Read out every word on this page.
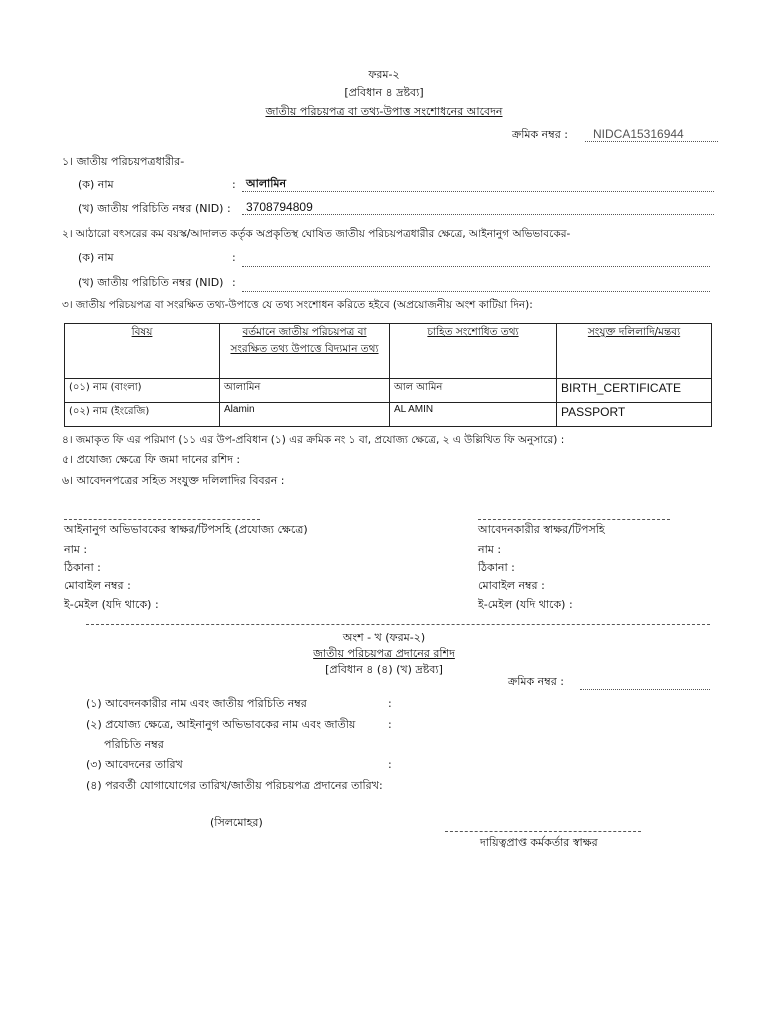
ফরম-২
[প্রবিধান ৪ দ্রষ্টব্য]
জাতীয় পরিচয়পত্র বা তথ্য-উপাত্ত সংশোধনের আবেদন
ক্রমিক নম্বর :	NIDCA15316944
১। জাতীয় পরিচয়পত্রধারীর-
(ক) নাম	: আলামিন
(খ) জাতীয় পরিচিতি নম্বর (NID) :	3708794809
২। আঠারো বৎসরের কম বয়স্ক/আদালত কর্তৃক অপ্রকৃতিস্থ ঘোষিত জাতীয় পরিচয়পত্রধারীর ক্ষেত্রে, আইনানুগ অভিভাবকের-
(ক) নাম	:
(খ) জাতীয় পরিচিতি নম্বর (NID) :
৩। জাতীয় পরিচয়পত্র বা সংরক্ষিত তথ্য-উপাত্তে যে তথ্য সংশোধন করিতে হইবে (অপ্রয়োজনীয় অংশ কাটিয়া দিন):
বিষয়	বর্তমানে জাতীয় পরিচয়পত্র বা সংরক্ষিত তথ্য উপাত্তে বিদ্যমান তথ্য	চাহিত সংশোধিত তথ্য	সংযুক্ত দলিলাদি/মন্তব্য
(০১) নাম (বাংলা)	আলামিন	আল আমিন	BIRTH_CERTIFICATE
(০২) নাম (ইংরেজি)	Alamin	AL AMIN	PASSPORT
৪। জমাকৃত ফি এর পরিমাণ (১১ এর উপ-প্রবিধান (১) এর ক্রমিক নং ১ বা, প্রযোজ্য ক্ষেত্রে, ২ এ উল্লিখিত ফি অনুসারে) :
৫। প্রযোজ্য ক্ষেত্রে ফি জমা দানের রশিদ :
৬। আবেদনপত্রের সহিত সংযুক্ত দলিলাদির বিবরন :
আইনানুগ অভিভাবকের স্বাক্ষর/টিপসহি (প্রযোজ্য ক্ষেত্রে)
নাম :
ঠিকানা :
মোবাইল নম্বর :
ই-মেইল (যদি থাকে) :
আবেদনকারীর স্বাক্ষর/টিপসহি
নাম :
ঠিকানা :
মোবাইল নম্বর :
ই-মেইল (যদি থাকে) :
অংশ - খ (ফরম-২)
জাতীয় পরিচয়পত্র প্রদানের রশিদ
[প্রবিধান ৪ (৪) (খ) দ্রষ্টব্য]
ক্রমিক নম্বর :
(১) আবেদনকারীর নাম এবং জাতীয় পরিচিতি নম্বর	:
(২) প্রযোজ্য ক্ষেত্রে, আইনানুগ অভিভাবকের নাম এবং জাতীয়	:
পরিচিতি নম্বর
(৩) আবেদনের তারিখ	:
(৪) পরবর্তী যোগাযোগের তারিখ/জাতীয় পরিচয়পত্র প্রদানের তারিখ:
(সিলমোহর)
দায়িত্বপ্রাপ্ত কর্মকর্তার স্বাক্ষর
